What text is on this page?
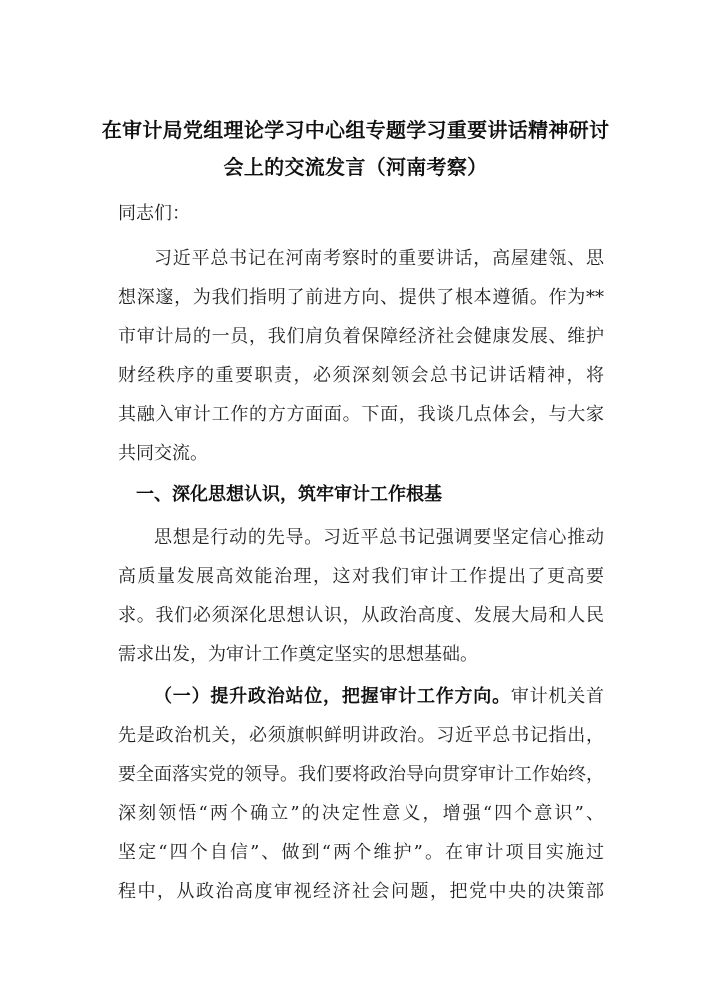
在审计局党组理论学习中心组专题学习重要讲话精神研讨
会上的交流发言（河南考察）
同志们：
习近平总书记在河南考察时的重要讲话，高屋建瓴、思
想深邃，为我们指明了前进方向、提供了根本遵循。作为**
市审计局的一员，我们肩负着保障经济社会健康发展、维护
财经秩序的重要职责，必须深刻领会总书记讲话精神，将
其融入审计工作的方方面面。下面，我谈几点体会，与大家
共同交流。
一、深化思想认识，筑牢审计工作根基
思想是行动的先导。习近平总书记强调要坚定信心推动
高质量发展高效能治理，这对我们审计工作提出了更高要
求。我们必须深化思想认识，从政治高度、发展大局和人民
需求出发，为审计工作奠定坚实的思想基础。
（一）提升政治站位，把握审计工作方向。审计机关首
先是政治机关，必须旗帜鲜明讲政治。习近平总书记指出，
要全面落实党的领导。我们要将政治导向贯穿审计工作始终，
深刻领悟“两个确立”的决定性意义，增强“四个意识”、
坚定“四个自信”、做到“两个维护”。在审计项目实施过
程中，从政治高度审视经济社会问题，把党中央的决策部
